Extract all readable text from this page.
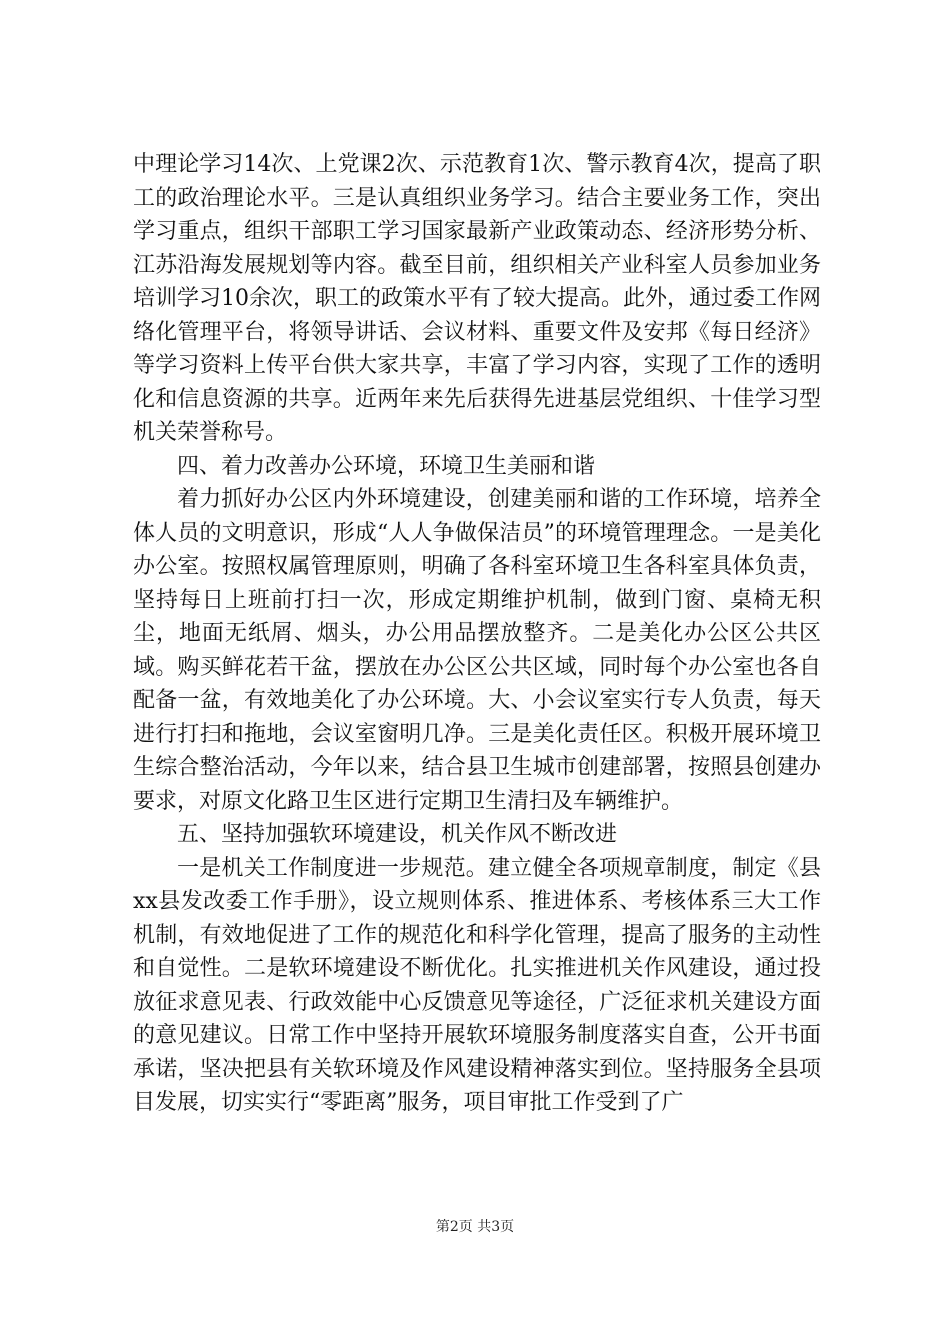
中理论学习14次、上党课2次、示范教育1次、警示教育4次，提高了职工的政治理论水平。三是认真组织业务学习。结合主要业务工作，突出学习重点，组织干部职工学习国家最新产业政策动态、经济形势分析、江苏沿海发展规划等内容。截至目前，组织相关产业科室人员参加业务培训学习10余次，职工的政策水平有了较大提高。此外，通过委工作网络化管理平台，将领导讲话、会议材料、重要文件及安邦《每日经济》等学习资料上传平台供大家共享，丰富了学习内容，实现了工作的透明化和信息资源的共享。近两年来先后获得先进基层党组织、十佳学习型机关荣誉称号。

四、着力改善办公环境，环境卫生美丽和谐

着力抓好办公区内外环境建设，创建美丽和谐的工作环境，培养全体人员的文明意识，形成“人人争做保洁员”的环境管理理念。一是美化办公室。按照权属管理原则，明确了各科室环境卫生各科室具体负责，坚持每日上班前打扫一次，形成定期维护机制，做到门窗、桌椅无积尘，地面无纸屑、烟头，办公用品摆放整齐。二是美化办公区公共区域。购买鲜花若干盆，摆放在办公区公共区域，同时每个办公室也各自配备一盆，有效地美化了办公环境。大、小会议室实行专人负责，每天进行打扫和拖地，会议室窗明几净。三是美化责任区。积极开展环境卫生综合整治活动，今年以来，结合县卫生城市创建部署，按照县创建办要求，对原文化路卫生区进行定期卫生清扫及车辆维护。

五、坚持加强软环境建设，机关作风不断改进

一是机关工作制度进一步规范。建立健全各项规章制度，制定《县xx县发改委工作手册》，设立规则体系、推进体系、考核体系三大工作机制，有效地促进了工作的规范化和科学化管理，提高了服务的主动性和自觉性。二是软环境建设不断优化。扎实推进机关作风建设，通过投放征求意见表、行政效能中心反馈意见等途径，广泛征求机关建设方面的意见建议。日常工作中坚持开展软环境服务制度落实自查，公开书面承诺，坚决把县有关软环境及作风建设精神落实到位。坚持服务全县项目发展，切实实行“零距离”服务，项目审批工作受到了广

第2页 共3页
